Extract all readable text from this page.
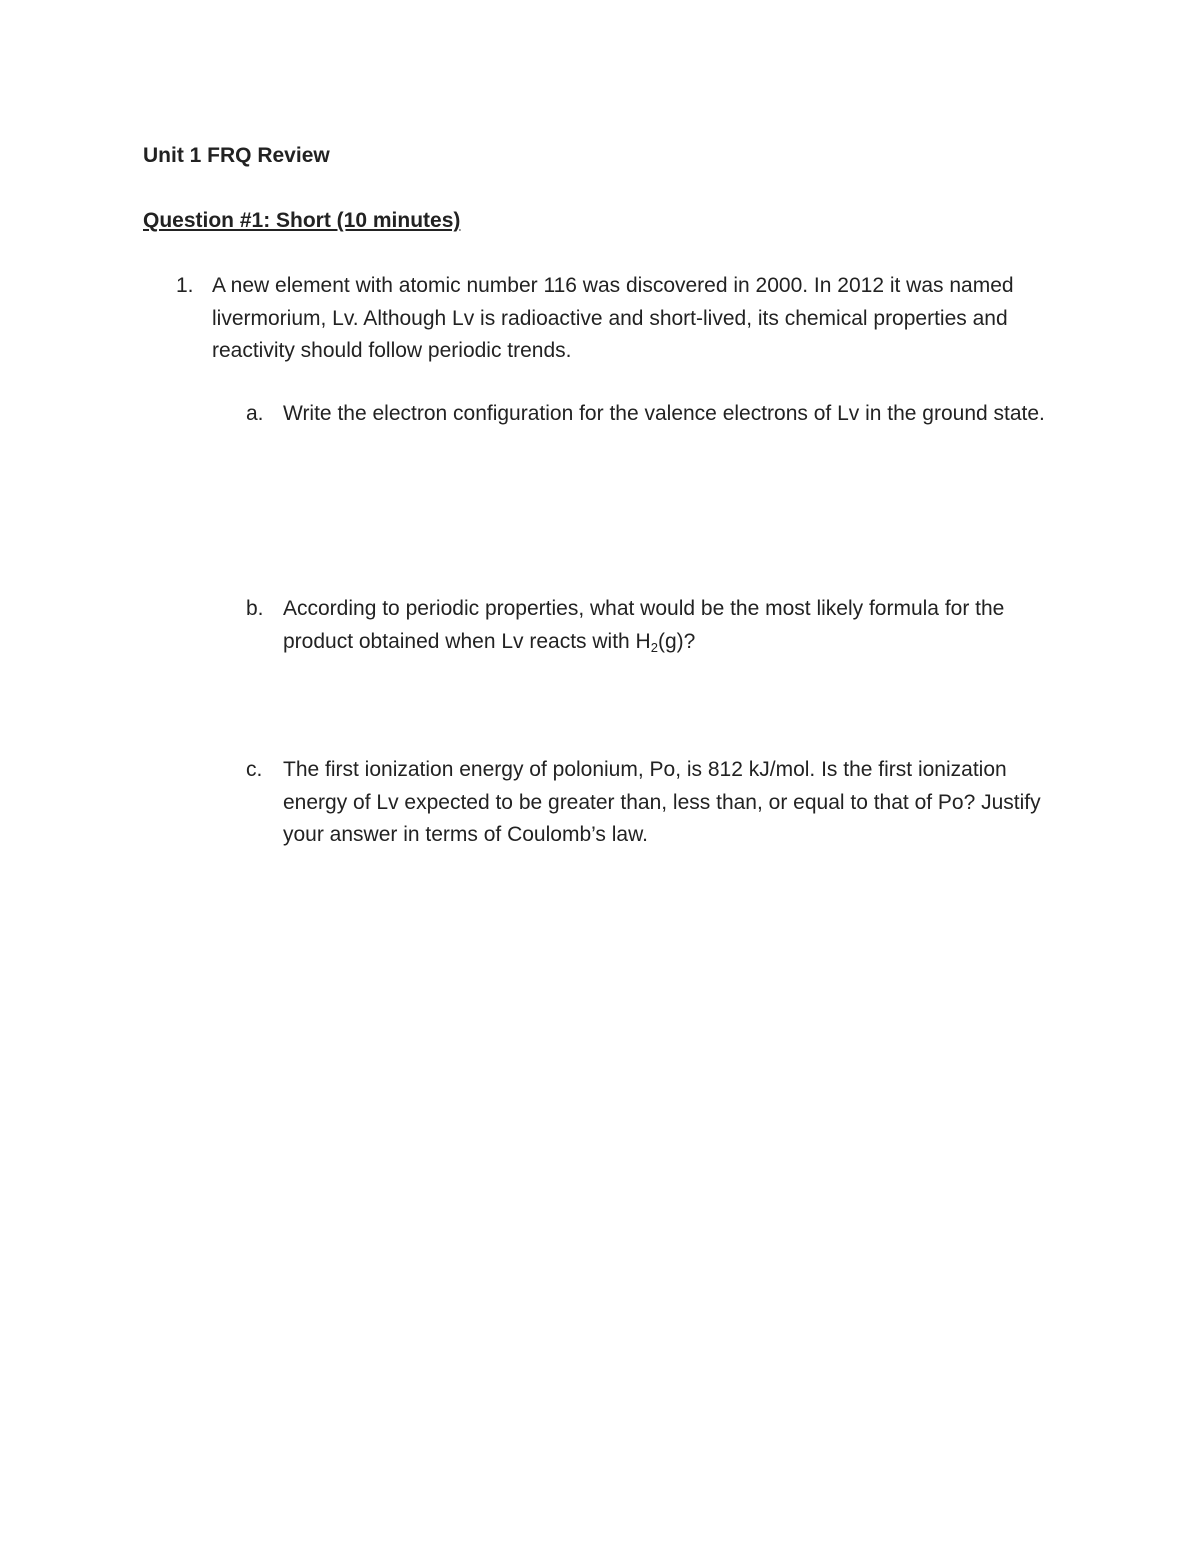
Unit 1 FRQ Review
Question #1: Short (10 minutes)
1. A new element with atomic number 116 was discovered in 2000. In 2012 it was named livermorium, Lv. Although Lv is radioactive and short-lived, its chemical properties and reactivity should follow periodic trends.

a. Write the electron configuration for the valence electrons of Lv in the ground state.

b. According to periodic properties, what would be the most likely formula for the product obtained when Lv reacts with $H_2(g)$?

c. The first ionization energy of polonium, Po, is 812 kJ/mol. Is the first ionization energy of Lv expected to be greater than, less than, or equal to that of Po? Justify your answer in terms of Coulomb’s law.
